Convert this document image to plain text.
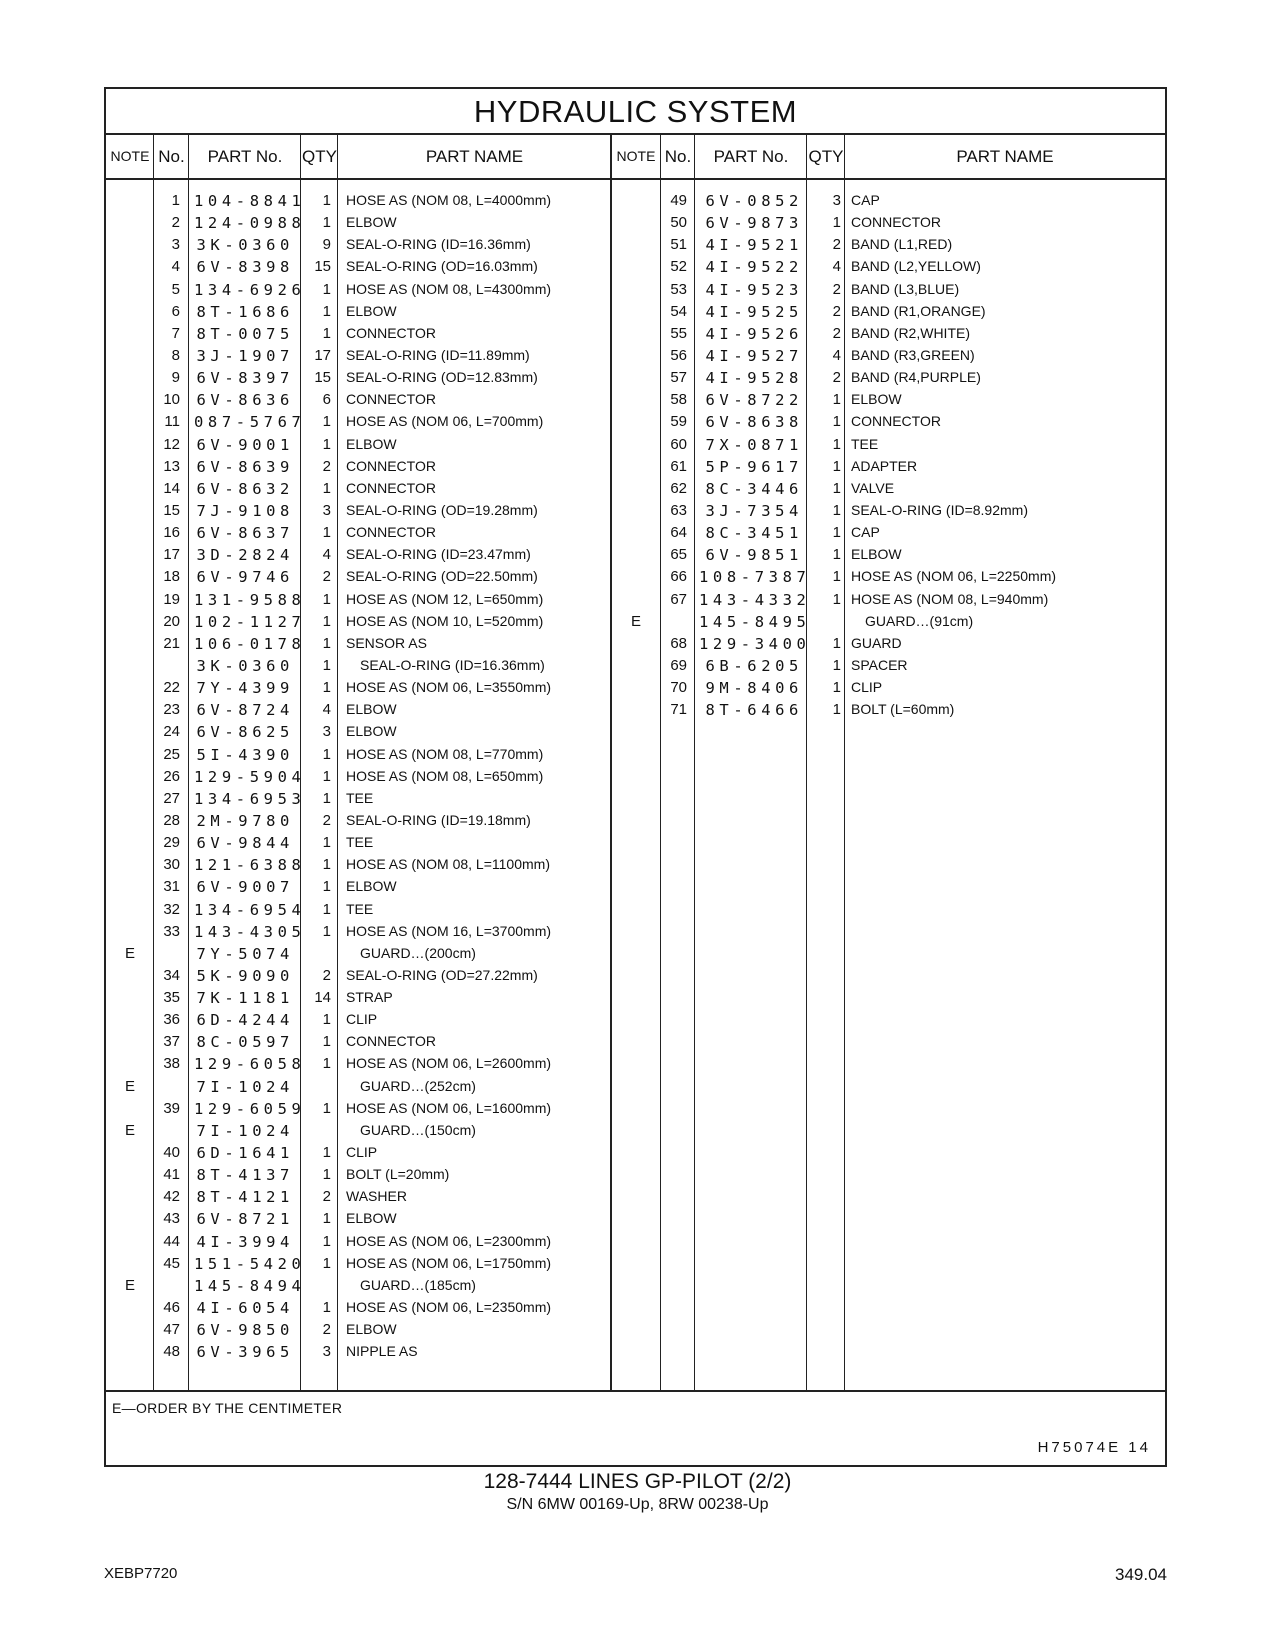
HYDRAULIC SYSTEM
NOTE No.	PART No.	QTY	PART NAME	NOTE No.	PART No.	QTY	PART NAME
1 104-8841	1 HOSE AS (NOM 08, L=4000mm)
2 124-0988	1 ELBOW
3 3K-0360	9 SEAL-O-RING (ID=16.36mm)
4 6V-8398	15 SEAL-O-RING (OD=16.03mm)
5 134-6926	1 HOSE AS (NOM 08, L=4300mm)
6 8T-1686	1 ELBOW
7 8T-0075	1 CONNECTOR
8 3J-1907	17 SEAL-O-RING (ID=11.89mm)
9 6V-8397	15 SEAL-O-RING (OD=12.83mm)
10 6V-8636	6 CONNECTOR
11 087-5767	1 HOSE AS (NOM 06, L=700mm)
12 6V-9001	1 ELBOW
13 6V-8639	2 CONNECTOR
14 6V-8632	1 CONNECTOR
15 7J-9108	3 SEAL-O-RING (OD=19.28mm)
16 6V-8637	1 CONNECTOR
17 3D-2824	4 SEAL-O-RING (ID=23.47mm)
18 6V-9746	2 SEAL-O-RING (OD=22.50mm)
19 131-9588	1 HOSE AS (NOM 12, L=650mm)
20 102-1127	1 HOSE AS (NOM 10, L=520mm)
21 106-0178	1 SENSOR AS
3K-0360	1	SEAL-O-RING (ID=16.36mm)
22 7Y-4399	1 HOSE AS (NOM 06, L=3550mm)
23 6V-8724	4 ELBOW
24 6V-8625	3 ELBOW
25 5I-4390	1 HOSE AS (NOM 08, L=770mm)
26 129-5904	1 HOSE AS (NOM 08, L=650mm)
27 134-6953	1 TEE
28 2M-9780	2 SEAL-O-RING (ID=19.18mm)
29 6V-9844	1 TEE
30 121-6388	1 HOSE AS (NOM 08, L=1100mm)
31 6V-9007	1 ELBOW
32 134-6954	1 TEE
33 143-4305	1 HOSE AS (NOM 16, L=3700mm)
E	7Y-5074	GUARD…(200cm)
34 5K-9090	2 SEAL-O-RING (OD=27.22mm)
35 7K-1181	14 STRAP
36 6D-4244	1 CLIP
37 8C-0597	1 CONNECTOR
38 129-6058	1 HOSE AS (NOM 06, L=2600mm)
E	7I-1024	GUARD…(252cm)
39 129-6059	1 HOSE AS (NOM 06, L=1600mm)
E	7I-1024	GUARD…(150cm)
40 6D-1641	1 CLIP
41 8T-4137	1 BOLT (L=20mm)
42 8T-4121	2 WASHER
43 6V-8721	1 ELBOW
44 4I-3994	1 HOSE AS (NOM 06, L=2300mm)
45 151-5420	1 HOSE AS (NOM 06, L=1750mm)
E	145-8494	GUARD…(185cm)
46 4I-6054	1 HOSE AS (NOM 06, L=2350mm)
47 6V-9850	2 ELBOW
48 6V-3965	3 NIPPLE AS
49	6V-0852	3 CAP
50	6V-9873	1 CONNECTOR
51	4I-9521	2 BAND (L1,RED)
52	4I-9522	4 BAND (L2,YELLOW)
53	4I-9523	2 BAND (L3,BLUE)
54	4I-9525	2 BAND (R1,ORANGE)
55	4I-9526	2 BAND (R2,WHITE)
56	4I-9527	4 BAND (R3,GREEN)
57	4I-9528	2 BAND (R4,PURPLE)
58	6V-8722	1 ELBOW
59	6V-8638	1 CONNECTOR
60	7X-0871	1 TEE
61	5P-9617	1 ADAPTER
62	8C-3446	1 VALVE
63	3J-7354	1 SEAL-O-RING (ID=8.92mm)
64	8C-3451	1 CAP
65	6V-9851	1 ELBOW
66 108-7387	1 HOSE AS (NOM 06, L=2250mm)
67 143-4332	1 HOSE AS (NOM 08, L=940mm)
E	145-8495	GUARD…(91cm)
68 129-3400	1 GUARD
69	6B-6205	1 SPACER
70	9M-8406	1 CLIP
71	8T-6466	1 BOLT (L=60mm)
E—ORDER BY THE CENTIMETER
H75074E 14
128-7444 LINES GP-PILOT (2/2)
S/N 6MW 00169-Up, 8RW 00238-Up
XEBP7720	349.04
